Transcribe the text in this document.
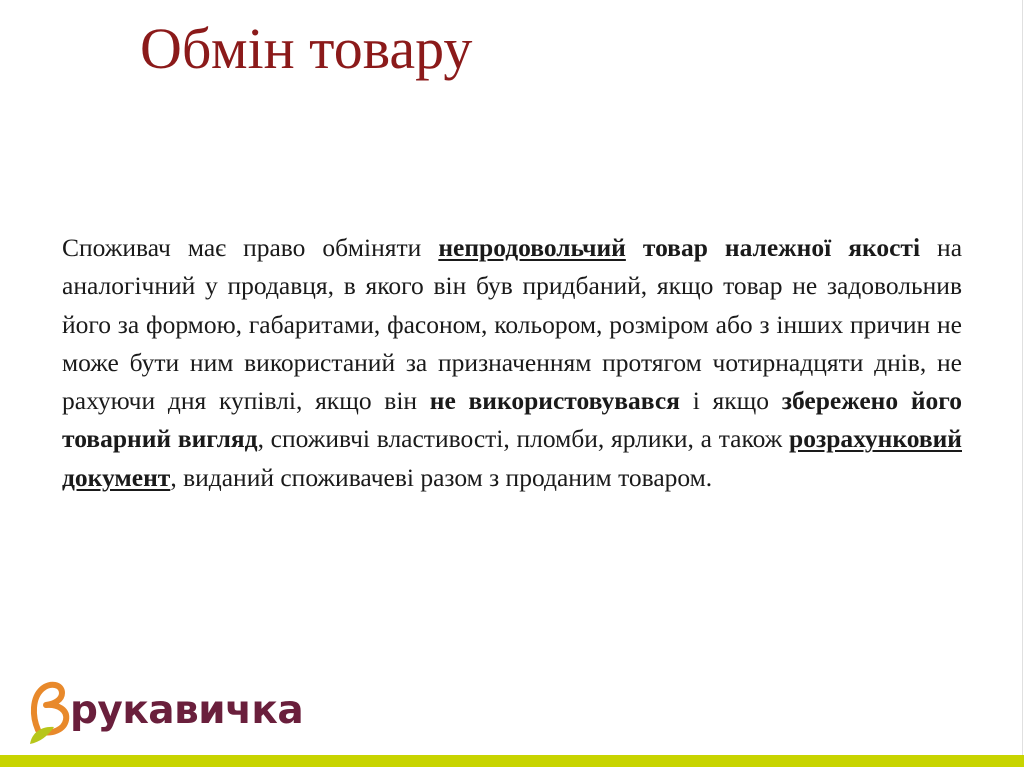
Обмін товару

Споживач має право обміняти непродовольчий товар належної якості на аналогічний у продавця, в якого він був придбаний, якщо товар не задовольнив його за формою, габаритами, фасоном, кольором, розміром або з інших причин не може бути ним використаний за призначенням протягом чотирнадцяти днів, не рахуючи дня купівлі, якщо він не використовувався і якщо збережено його товарний вигляд, споживчі властивості, пломби, ярлики, а також розрахунковий документ, виданий споживачеві разом з проданим товаром.

рукавичка
